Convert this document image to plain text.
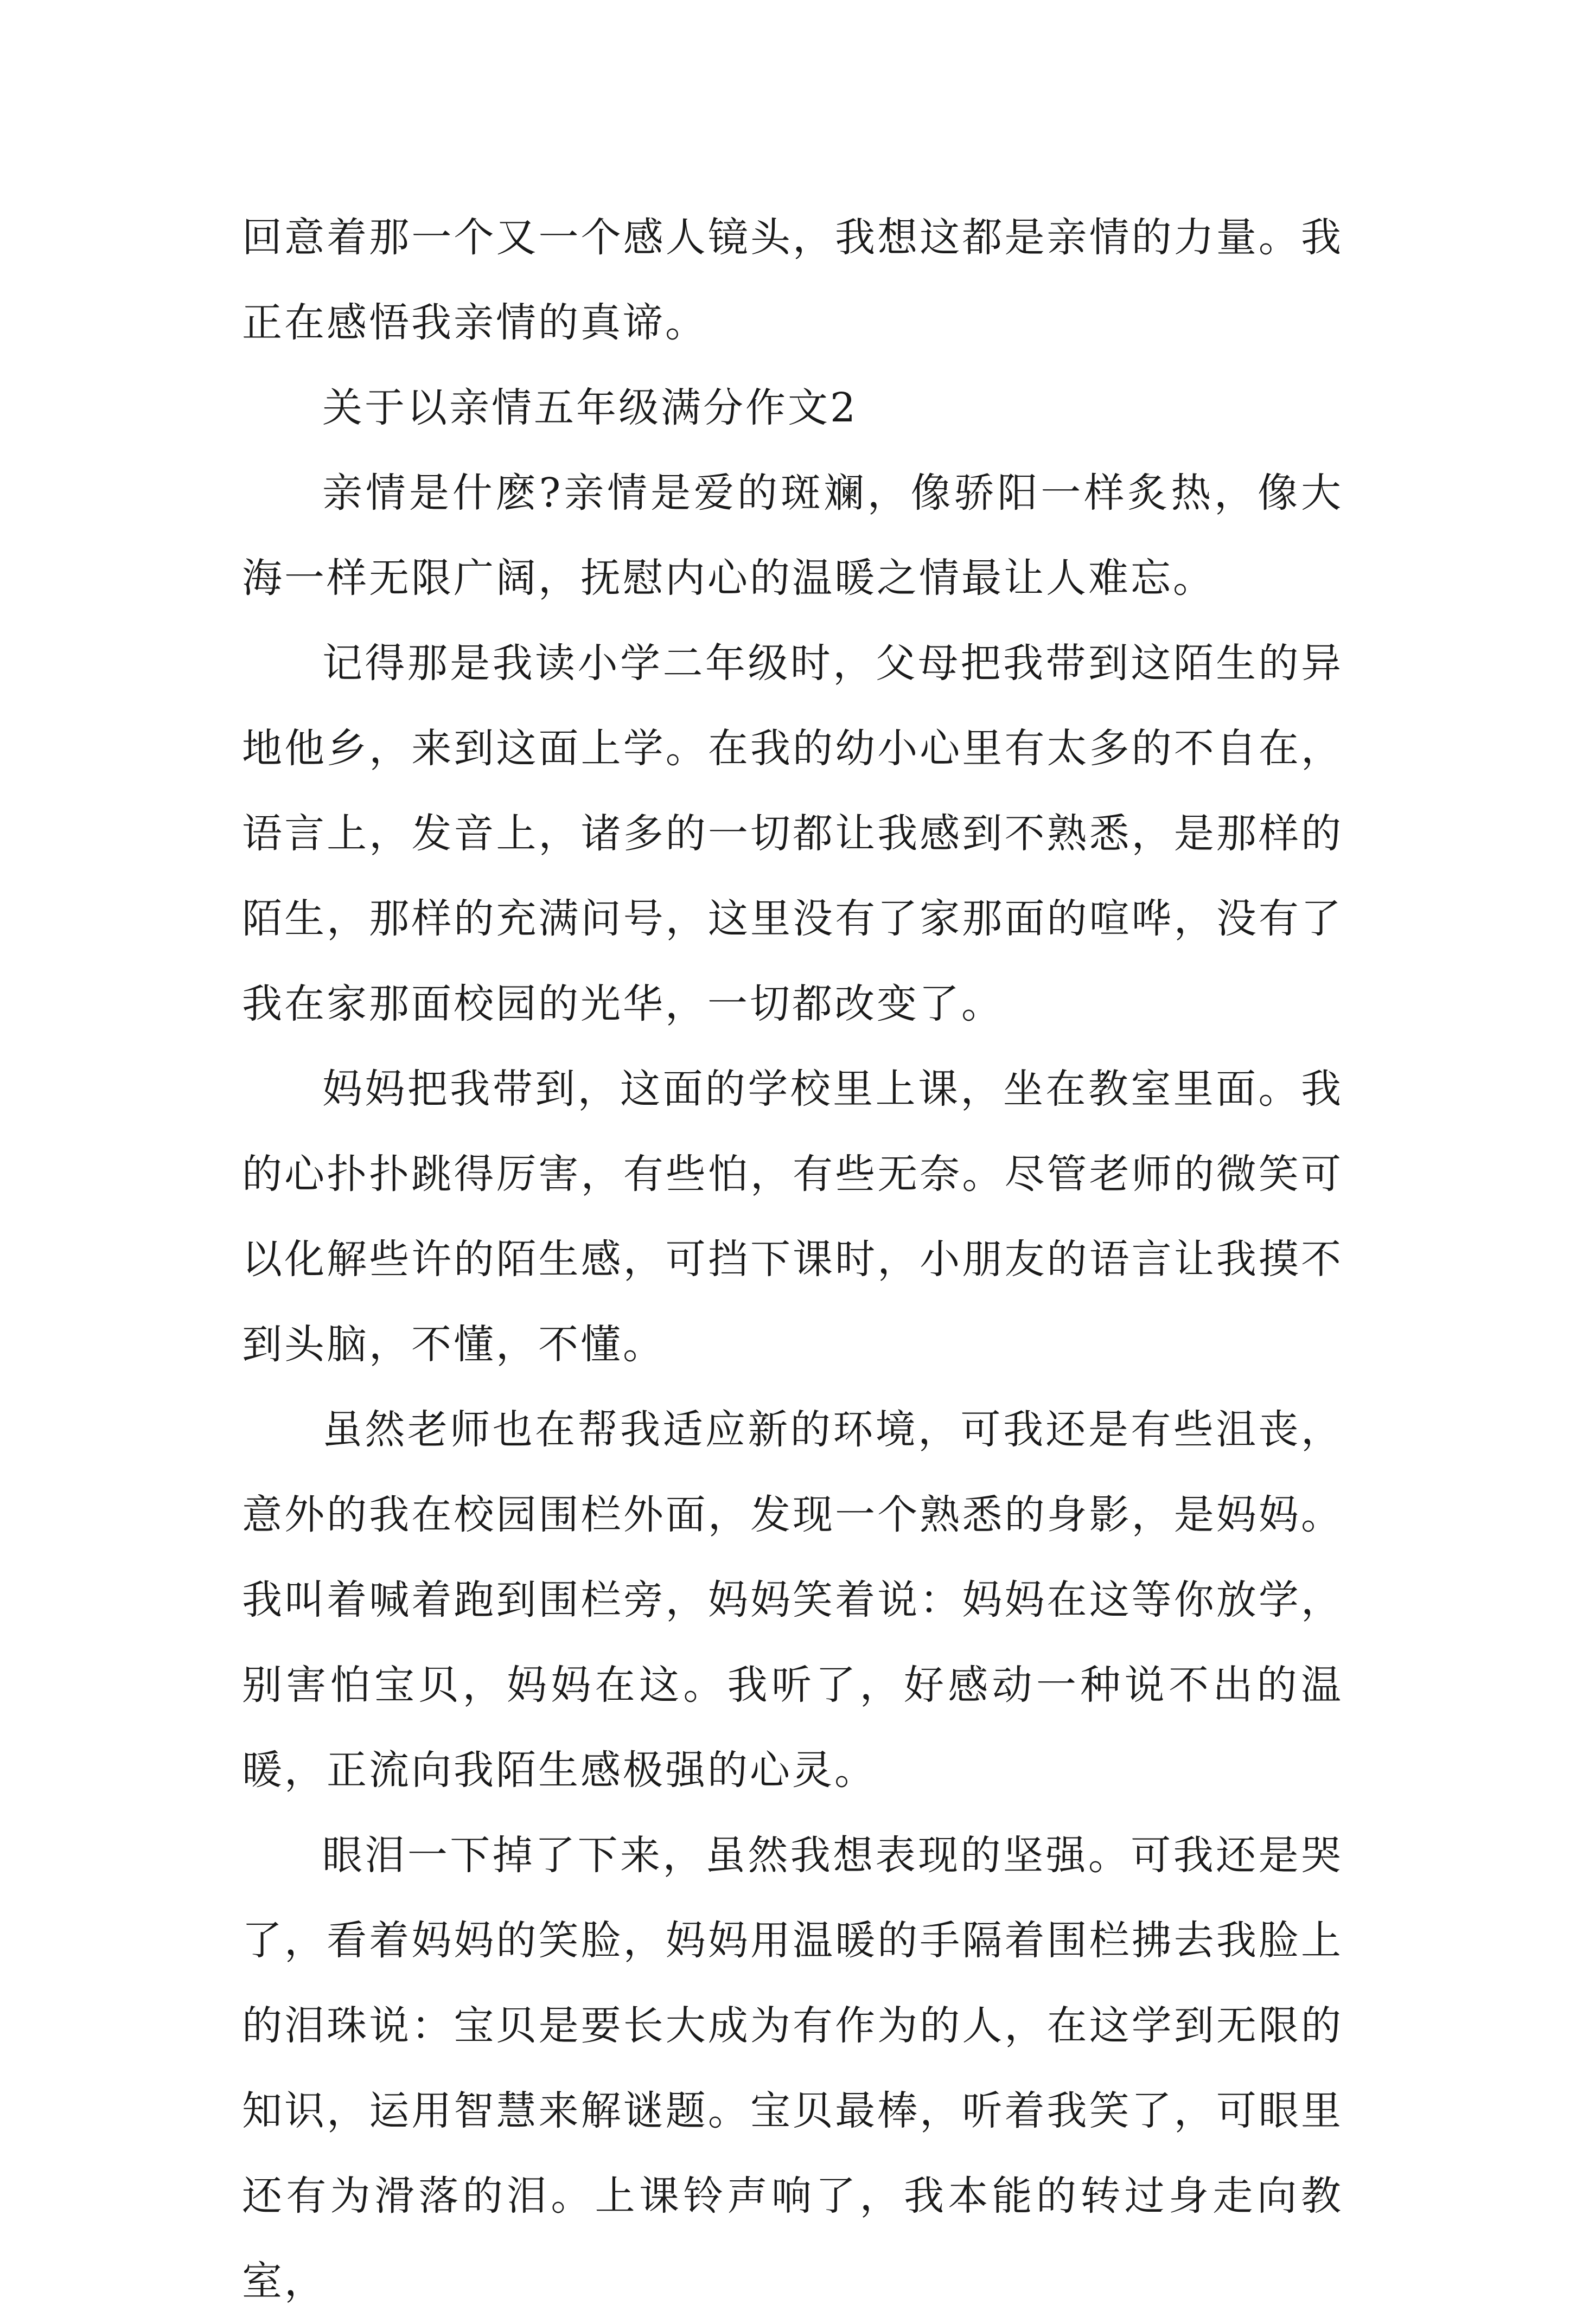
回意着那一个又一个感人镜头，我想这都是亲情的力量。我正在感悟我亲情的真谛。

关于以亲情五年级满分作文2

亲情是什麽?亲情是爱的斑斓，像骄阳一样炙热，像大海一样无限广阔，抚慰内心的温暖之情最让人难忘。

记得那是我读小学二年级时，父母把我带到这陌生的异地他乡，来到这面上学。在我的幼小心里有太多的不自在，语言上，发音上，诸多的一切都让我感到不熟悉，是那样的陌生，那样的充满问号，这里没有了家那面的喧哗，没有了我在家那面校园的光华，一切都改变了。

妈妈把我带到，这面的学校里上课，坐在教室里面。我的心扑扑跳得厉害，有些怕，有些无奈。尽管老师的微笑可以化解些许的陌生感，可挡下课时，小朋友的语言让我摸不到头脑，不懂，不懂。

虽然老师也在帮我适应新的环境，可我还是有些沮丧，意外的我在校园围栏外面，发现一个熟悉的身影，是妈妈。我叫着喊着跑到围栏旁，妈妈笑着说：妈妈在这等你放学，别害怕宝贝，妈妈在这。我听了，好感动一种说不出的温暖，正流向我陌生感极强的心灵。

眼泪一下掉了下来，虽然我想表现的坚强。可我还是哭了，看着妈妈的笑脸，妈妈用温暖的手隔着围栏拂去我脸上的泪珠说：宝贝是要长大成为有作为的人，在这学到无限的知识，运用智慧来解谜题。宝贝最棒，听着我笑了，可眼里还有为滑落的泪。上课铃声响了，我本能的转过身走向教室，
